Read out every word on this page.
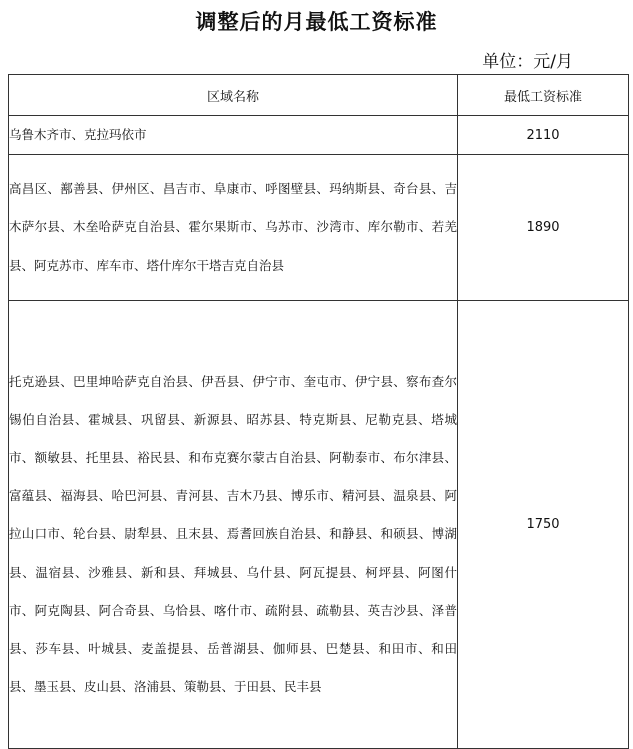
调整后的月最低工资标准
单位：元/月
区域名称	最低工资标准
乌鲁木齐市、克拉玛依市	2110
高昌区、鄯善县、伊州区、昌吉市、阜康市、呼图壁县、玛纳斯县、奇台县、吉木萨尔县、木垒哈萨克自治县、霍尔果斯市、乌苏市、沙湾市、库尔勒市、若羌县、阿克苏市、库车市、塔什库尔干塔吉克自治县	1890
托克逊县、巴里坤哈萨克自治县、伊吾县、伊宁市、奎屯市、伊宁县、察布查尔锡伯自治县、霍城县、巩留县、新源县、昭苏县、特克斯县、尼勒克县、塔城市、额敏县、托里县、裕民县、和布克赛尔蒙古自治县、阿勒泰市、布尔津县、富蕴县、福海县、哈巴河县、青河县、吉木乃县、博乐市、精河县、温泉县、阿拉山口市、轮台县、尉犁县、且末县、焉耆回族自治县、和静县、和硕县、博湖县、温宿县、沙雅县、新和县、拜城县、乌什县、阿瓦提县、柯坪县、阿图什市、阿克陶县、阿合奇县、乌恰县、喀什市、疏附县、疏勒县、英吉沙县、泽普县、莎车县、叶城县、麦盖提县、岳普湖县、伽师县、巴楚县、和田市、和田县、墨玉县、皮山县、洛浦县、策勒县、于田县、民丰县	1750
